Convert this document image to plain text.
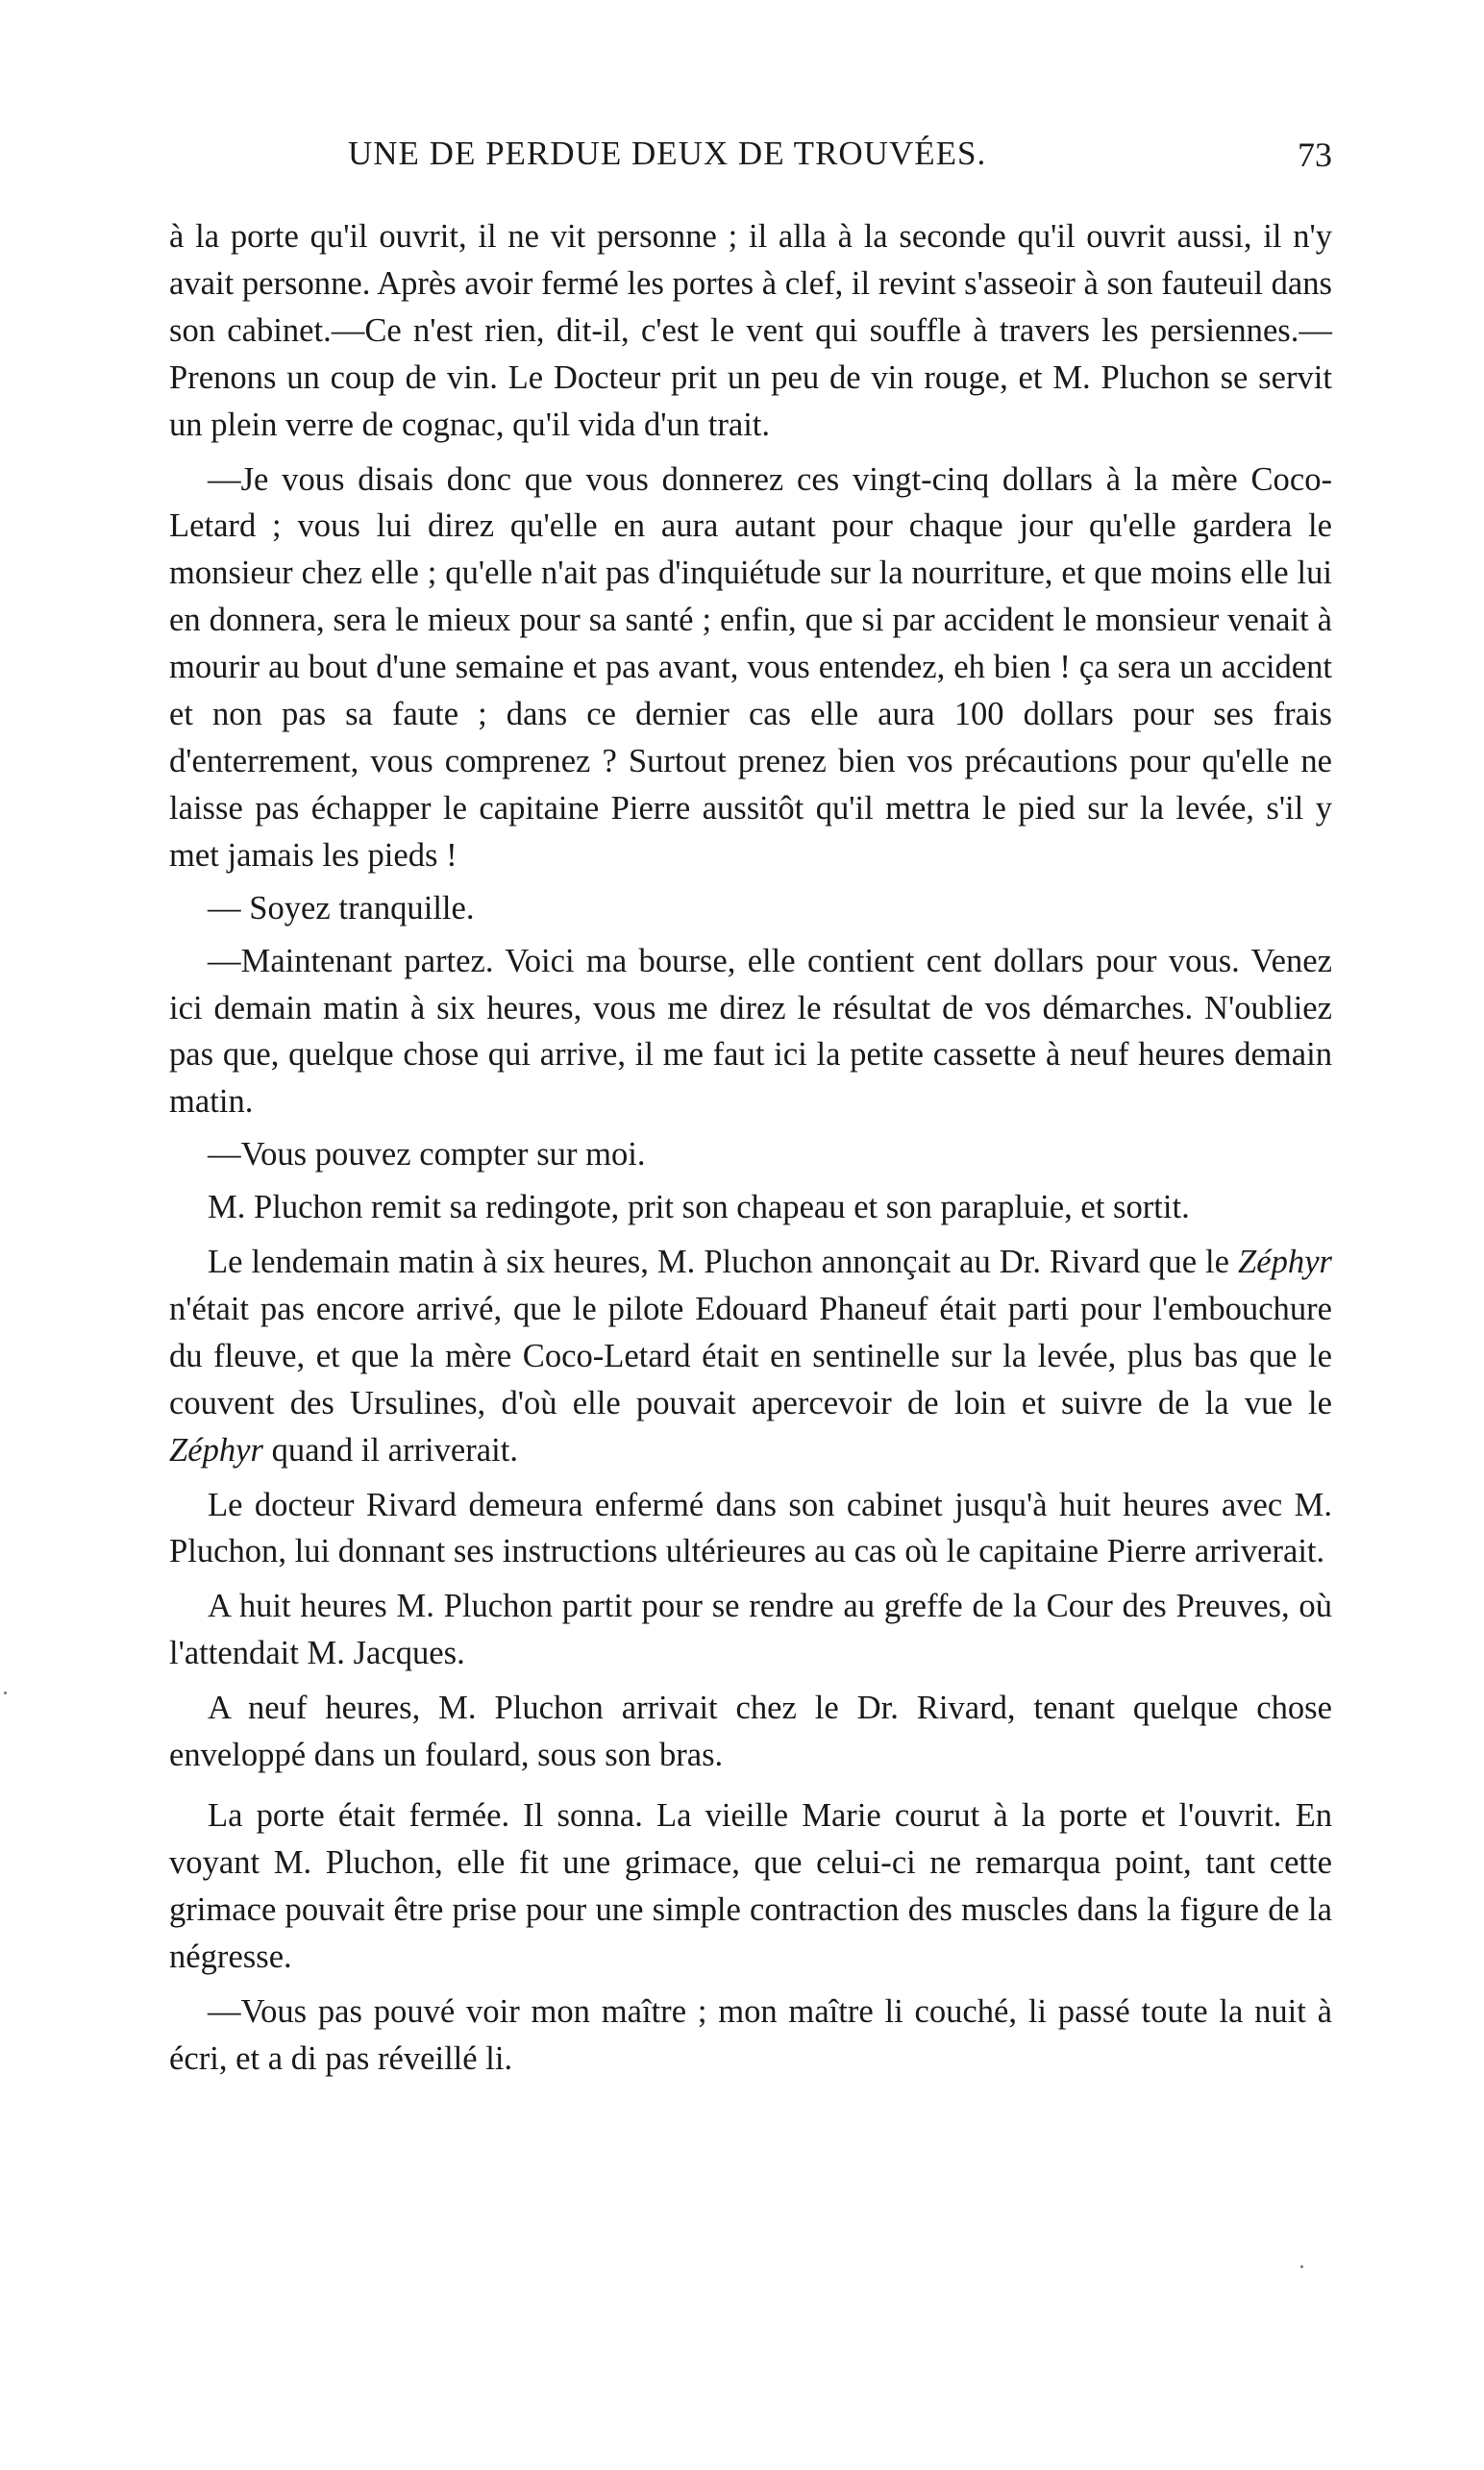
UNE DE PERDUE DEUX DE TROUVÉES.	73

à la porte qu'il ouvrit, il ne vit personne ; il alla à la seconde qu'il ouvrit aussi, il n'y avait personne. Après avoir fermé les portes à clef, il revint s'asseoir à son fauteuil dans son cabinet.—Ce n'est rien, dit-il, c'est le vent qui souffle à travers les persiennes.—Prenons un coup de vin. Le Docteur prit un peu de vin rouge, et M. Pluchon se servit un plein verre de cognac, qu'il vida d'un trait.

—Je vous disais donc que vous donnerez ces vingt-cinq dollars à la mère Coco-Letard ; vous lui direz qu'elle en aura autant pour chaque jour qu'elle gardera le monsieur chez elle ; qu'elle n'ait pas d'inquiétude sur la nourriture, et que moins elle lui en donnera, sera le mieux pour sa santé ; enfin, que si par accident le monsieur venait à mourir au bout d'une semaine et pas avant, vous entendez, eh bien ! ça sera un accident et non pas sa faute ; dans ce dernier cas elle aura 100 dollars pour ses frais d'enterrement, vous comprenez ? Surtout prenez bien vos précautions pour qu'elle ne laisse pas échapper le capitaine Pierre aussitôt qu'il mettra le pied sur la levée, s'il y met jamais les pieds !

— Soyez tranquille.

—Maintenant partez. Voici ma bourse, elle contient cent dollars pour vous. Venez ici demain matin à six heures, vous me direz le résultat de vos démarches. N'oubliez pas que, quelque chose qui arrive, il me faut ici la petite cassette à neuf heures demain matin.

—Vous pouvez compter sur moi.

M. Pluchon remit sa redingote, prit son chapeau et son parapluie, et sortit.

Le lendemain matin à six heures, M. Pluchon annonçait au Dr. Rivard que le Zéphyr n'était pas encore arrivé, que le pilote Edouard Phaneuf était parti pour l'embouchure du fleuve, et que la mère Coco-Letard était en sentinelle sur la levée, plus bas que le couvent des Ursulines, d'où elle pouvait apercevoir de loin et suivre de la vue le Zéphyr quand il arriverait.

Le docteur Rivard demeura enfermé dans son cabinet jusqu'à huit heures avec M. Pluchon, lui donnant ses instructions ultérieures au cas où le capitaine Pierre arriverait.

A huit heures M. Pluchon partit pour se rendre au greffe de la Cour des Preuves, où l'attendait M. Jacques.

A neuf heures, M. Pluchon arrivait chez le Dr. Rivard, tenant quelque chose enveloppé dans un foulard, sous son bras.

La porte était fermée. Il sonna. La vieille Marie courut à la porte et l'ouvrit. En voyant M. Pluchon, elle fit une grimace, que celui-ci ne remarqua point, tant cette grimace pouvait être prise pour une simple contraction des muscles dans la figure de la négresse.

—Vous pas pouvé voir mon maître ; mon maître li couché, li passé toute la nuit à écri, et a di pas réveillé li.
